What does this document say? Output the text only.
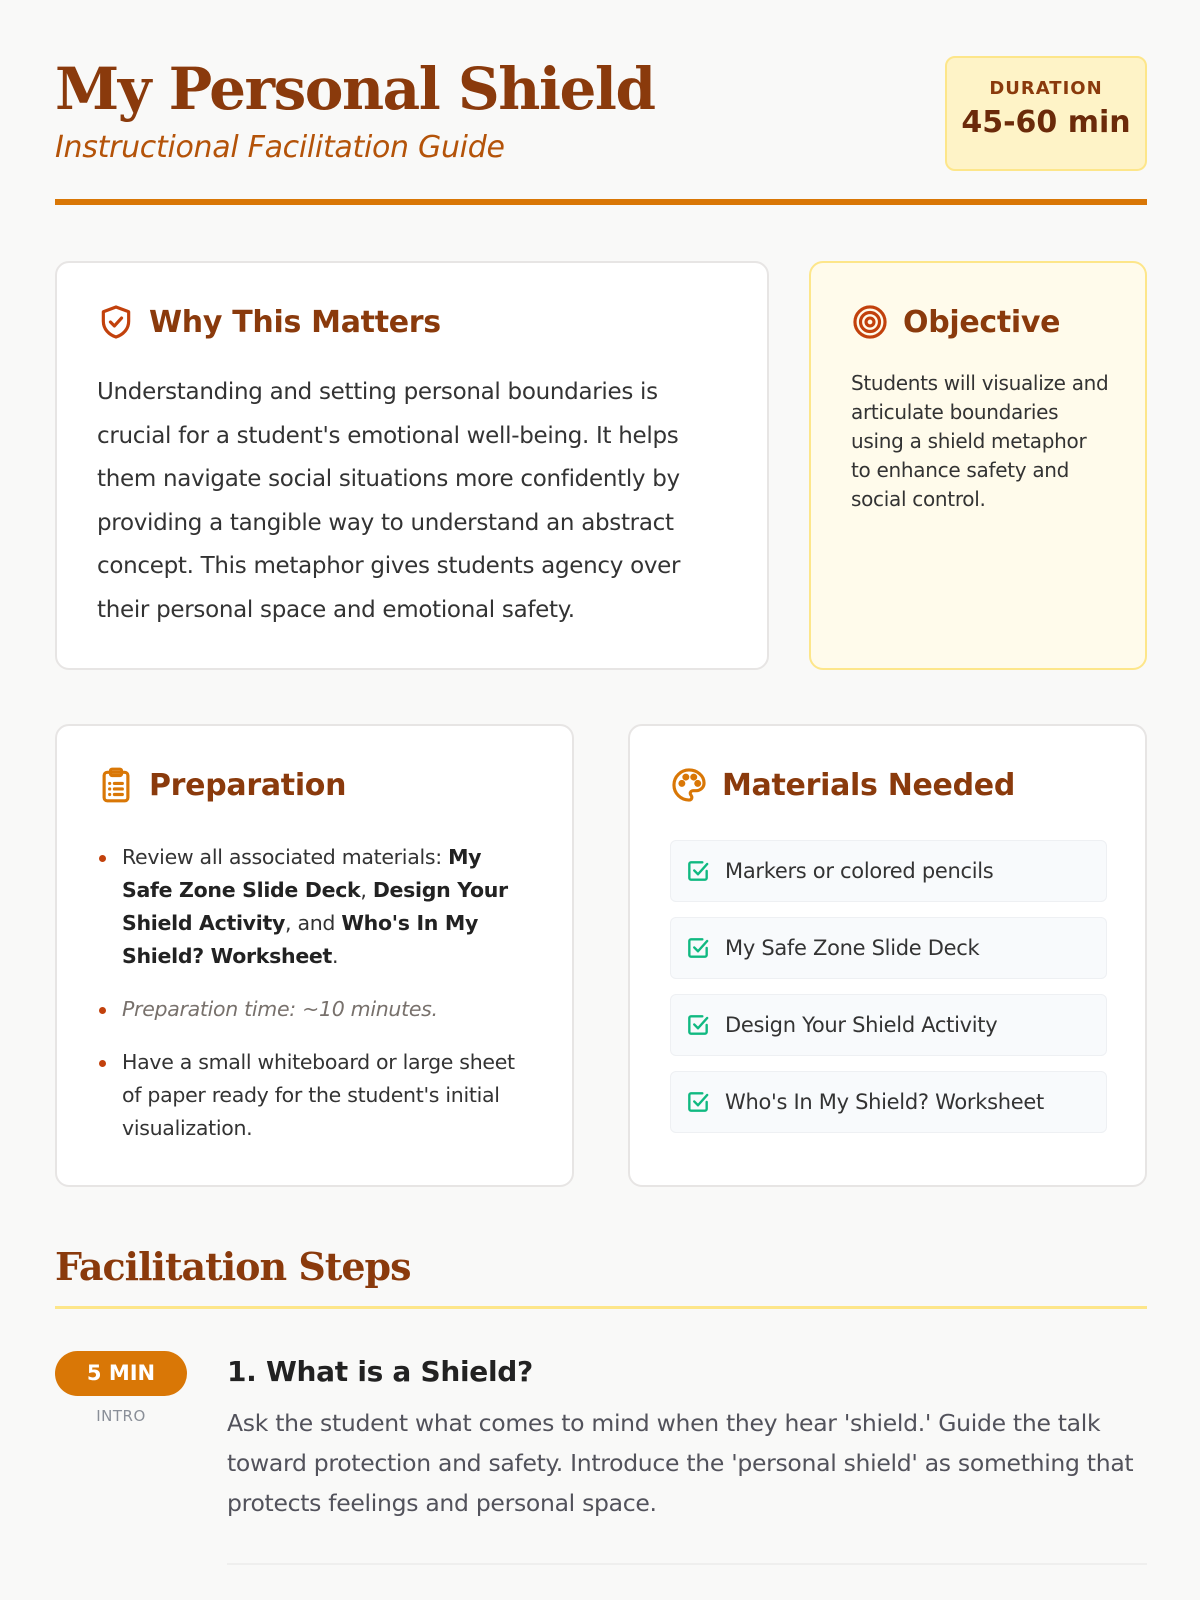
My Personal Shield
Instructional Facilitation Guide
DURATION
45-60 min
Why This Matters

Understanding and setting personal boundaries is crucial for a student's emotional well-being. It helps them navigate social situations more confidently by providing a tangible way to understand an abstract concept. This metaphor gives students agency over their personal space and emotional safety.

Objective

Students will visualize and articulate boundaries using a shield metaphor to enhance safety and social control.

Preparation
Review all associated materials: My Safe Zone Slide Deck, Design Your Shield Activity, and Who's In My Shield? Worksheet.
Preparation time: ~10 minutes.
Have a small whiteboard or large sheet of paper ready for the student's initial visualization.
Materials Needed
Markers or colored pencils
My Safe Zone Slide Deck
Design Your Shield Activity
Who's In My Shield? Worksheet
Facilitation Steps
5 MIN
INTRO
1. What is a Shield?

Ask the student what comes to mind when they hear 'shield.' Guide the talk toward protection and safety. Introduce the 'personal shield' as something that protects feelings and personal space.
